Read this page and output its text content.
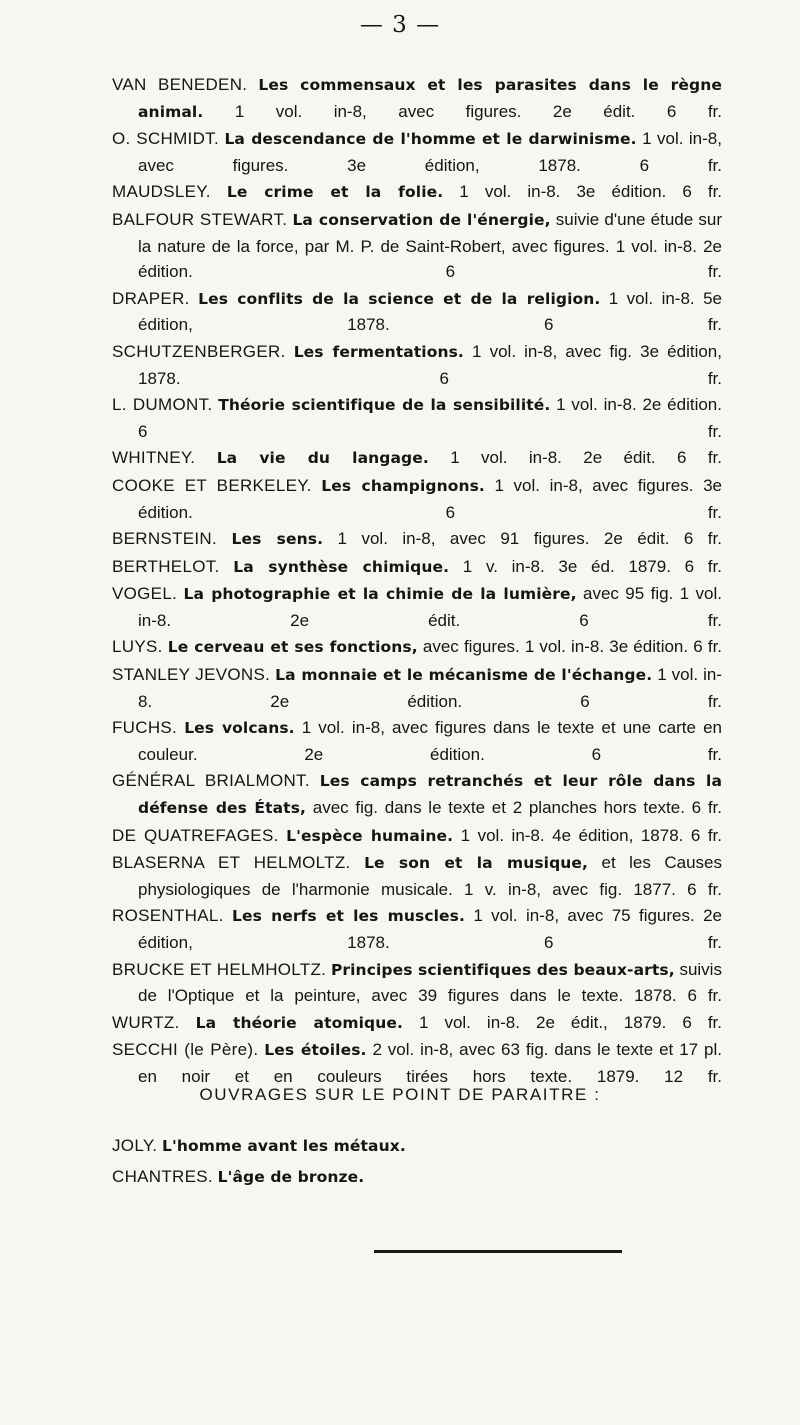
— 3 —

VAN BENEDEN. Les commensaux et les parasites dans le règne animal. 1 vol. in-8, avec figures. 2e édit. 6 fr.

O. SCHMIDT. La descendance de l'homme et le darwinisme. 1 vol. in-8, avec figures. 3e édition, 1878. 6 fr.

MAUDSLEY. Le crime et la folie. 1 vol. in-8. 3e édition. 6 fr.

BALFOUR STEWART. La conservation de l'énergie, suivie d'une étude sur la nature de la force, par M. P. de Saint-Robert, avec figures. 1 vol. in-8. 2e édition. 6 fr.

DRAPER. Les conflits de la science et de la religion. 1 vol. in-8. 5e édition, 1878. 6 fr.

SCHUTZENBERGER. Les fermentations. 1 vol. in-8, avec fig. 3e édition, 1878. 6 fr.

L. DUMONT. Théorie scientifique de la sensibilité. 1 vol. in-8. 2e édition. 6 fr.

WHITNEY. La vie du langage. 1 vol. in-8. 2e édit. 6 fr.

COOKE ET BERKELEY. Les champignons. 1 vol. in-8, avec figures. 3e édition. 6 fr.

BERNSTEIN. Les sens. 1 vol. in-8, avec 91 figures. 2e édit. 6 fr.

BERTHELOT. La synthèse chimique. 1 v. in-8. 3e éd. 1879. 6 fr.

VOGEL. La photographie et la chimie de la lumière, avec 95 fig. 1 vol. in-8. 2e édit. 6 fr.

LUYS. Le cerveau et ses fonctions, avec figures. 1 vol. in-8. 3e édition. 6 fr.

STANLEY JEVONS. La monnaie et le mécanisme de l'échange. 1 vol. in-8. 2e édition. 6 fr.

FUCHS. Les volcans. 1 vol. in-8, avec figures dans le texte et une carte en couleur. 2e édition. 6 fr.

GÉNÉRAL BRIALMONT. Les camps retranchés et leur rôle dans la défense des États, avec fig. dans le texte et 2 planches hors texte. 6 fr.

DE QUATREFAGES. L'espèce humaine. 1 vol. in-8. 4e édition, 1878. 6 fr.

BLASERNA ET HELMOLTZ. Le son et la musique, et les Causes physiologiques de l'harmonie musicale. 1 v. in-8, avec fig. 1877. 6 fr.

ROSENTHAL. Les nerfs et les muscles. 1 vol. in-8, avec 75 figures. 2e édition, 1878. 6 fr.

BRUCKE ET HELMHOLTZ. Principes scientifiques des beaux-arts, suivis de l'Optique et la peinture, avec 39 figures dans le texte. 1878. 6 fr.

WURTZ. La théorie atomique. 1 vol. in-8. 2e édit., 1879. 6 fr.

SECCHI (le Père). Les étoiles. 2 vol. in-8, avec 63 fig. dans le texte et 17 pl. en noir et en couleurs tirées hors texte. 1879. 12 fr.

OUVRAGES SUR LE POINT DE PARAITRE :

JOLY. L'homme avant les métaux.

CHANTRES. L'âge de bronze.
